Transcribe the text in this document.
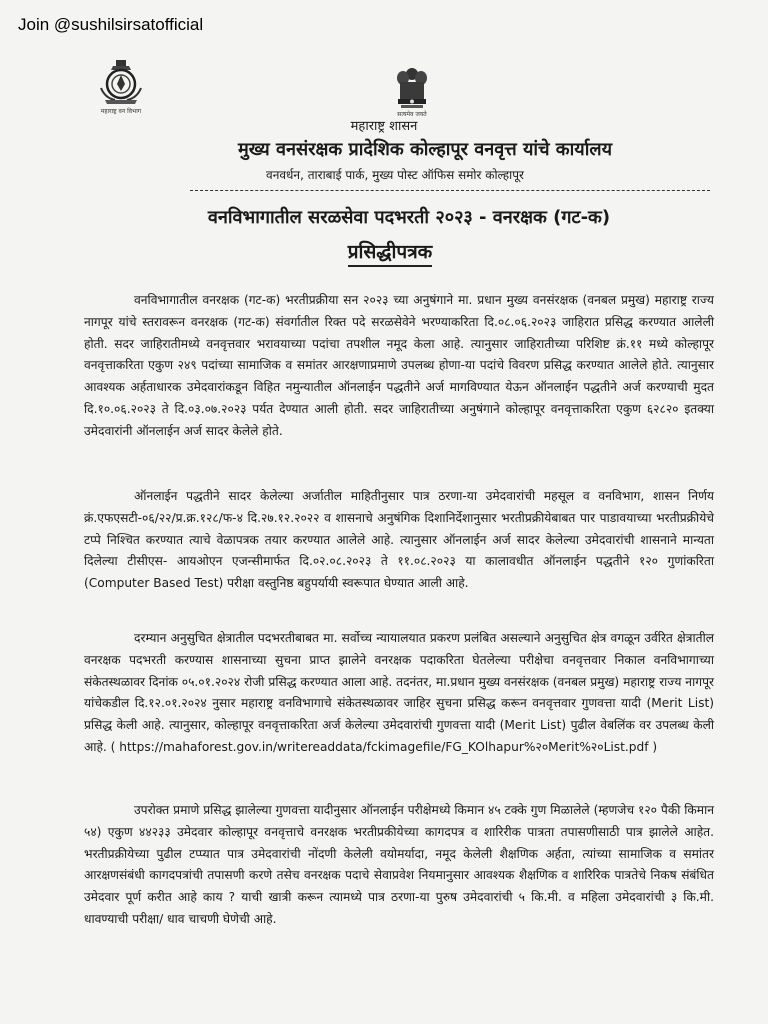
Join @sushilsirsatofficial
महाराष्ट्र वन विभाग	सत्यमेव जयते
महाराष्ट्र शासन
मुख्य वनसंरक्षक प्रादेशिक कोल्हापूर वनवृत्त यांचे कार्यालय
वनवर्धन, ताराबाई पार्क, मुख्य पोस्ट ऑफिस समोर कोल्हापूर
वनविभागातील सरळसेवा पदभरती २०२३ - वनरक्षक (गट-क)
प्रसिद्धीपत्रक

वनविभागातील वनरक्षक (गट-क) भरतीप्रक्रीया सन २०२३ च्या अनुषंगाने मा. प्रधान मुख्य वनसंरक्षक (वनबल प्रमुख) महाराष्ट्र राज्य नागपूर यांचे स्तरावरून वनरक्षक (गट-क) संवर्गातील रिक्त पदे सरळसेवेने भरण्याकरिता दि.०८.०६.२०२३ जाहिरात प्रसिद्ध करण्यात आलेली होती. सदर जाहिरातीमध्ये वनवृत्तवार भरावयाच्या पदांचा तपशील नमूद केला आहे. त्यानुसार जाहिरातीच्या परिशिष्ट क्रं.११ मध्ये कोल्हापूर वनवृत्ताकरिता एकुण २४९ पदांच्या सामाजिक व समांतर आरक्षणाप्रमाणे उपलब्ध होणा-या पदांचे विवरण प्रसिद्ध करण्यात आलेले होते. त्यानुसार आवश्यक अर्हताधारक उमेदवारांकडून विहित नमुन्यातील ऑनलाईन पद्धतीने अर्ज मागविण्यात येऊन ऑनलाईन पद्धतीने अर्ज करण्याची मुदत दि.१०.०६.२०२३ ते दि.०३.०७.२०२३ पर्यत देण्यात आली होती. सदर जाहिरातीच्या अनुषंगाने कोल्हापूर वनवृत्ताकरिता एकुण ६२८२० इतक्या उमेदवारांनी ऑनलाईन अर्ज सादर केलेले होते.

ऑनलाईन पद्धतीने सादर केलेल्या अर्जातील माहितीनुसार पात्र ठरणा-या उमेदवारांची महसूल व वनविभाग, शासन निर्णय क्रं.एफएसटी-०६/२२/प्र.क्र.१२८/फ-४ दि.२७.१२.२०२२ व शासनाचे अनुषंगिक दिशानिर्देशानुसार भरतीप्रक्रीयेबाबत पार पाडावयाच्या भरतीप्रक्रीयेचे टप्पे निश्चित करण्यात त्याचे वेळापत्रक तयार करण्यात आलेले आहे. त्यानुसार ऑनलाईन अर्ज सादर केलेल्या उमेदवारांची शासनाने मान्यता दिलेल्या टीसीएस- आयओएन एजन्सीमार्फत दि.०२.०८.२०२३ ते ११.०८.२०२३ या कालावधीत ऑनलाईन पद्धतीने १२० गुणांकरिता (Computer Based Test) परीक्षा वस्तुनिष्ठ बहुपर्यायी स्वरूपात घेण्यात आली आहे.

दरम्यान अनुसुचित क्षेत्रातील पदभरतीबाबत मा. सर्वोच्च न्यायालयात प्रकरण प्रलंबित असल्याने अनुसुचित क्षेत्र वगळून उर्वरित क्षेत्रातील वनरक्षक पदभरती करण्यास शासनाच्या सुचना प्राप्त झालेने वनरक्षक पदाकरिता घेतलेल्या परीक्षेचा वनवृत्तवार निकाल वनविभागाच्या संकेतस्थळावर दिनांक ०५.०१.२०२४ रोजी प्रसिद्ध करण्यात आला आहे. तदनंतर, मा.प्रधान मुख्य वनसंरक्षक (वनबल प्रमुख) महाराष्ट्र राज्य नागपूर यांचेकडील दि.१२.०१.२०२४ नुसार महाराष्ट्र वनविभागाचे संकेतस्थळावर जाहिर सुचना प्रसिद्ध करून वनवृत्तवार गुणवत्ता यादी (Merit List) प्रसिद्ध केली आहे. त्यानुसार, कोल्हापूर वनवृत्ताकरिता अर्ज केलेल्या उमेदवारांची गुणवत्ता यादी (Merit List) पुढील वेबलिंक वर उपलब्ध केली आहे. ( https://mahaforest.gov.in/writereaddata/fckimagefile/FG_KOlhapur%२०Merit%२०List.pdf )

उपरोक्त प्रमाणे प्रसिद्ध झालेल्या गुणवत्ता यादीनुसार ऑनलाईन परीक्षेमध्ये किमान ४५ टक्के गुण मिळालेले (म्हणजेच १२० पैकी किमान ५४) एकुण ४४२३३ उमेदवार कोल्हापूर वनवृत्ताचे वनरक्षक भरतीप्रकीयेच्या कागदपत्र व शारिरीक पात्रता तपासणीसाठी पात्र झालेले आहेत. भरतीप्रक्रीयेच्या पुढील टप्प्यात पात्र उमेदवारांची नोंदणी केलेली वयोमर्यादा, नमूद केलेली शैक्षणिक अर्हता, त्यांच्या सामाजिक व समांतर आरक्षणसंबंधी कागदपत्रांची तपासणी करणे तसेच वनरक्षक पदाचे सेवाप्रवेश नियमानुसार आवश्यक शैक्षणिक व शारिरिक पात्रतेचे निकष संबंधित उमेदवार पूर्ण करीत आहे काय ? याची खात्री करून त्यामध्ये पात्र ठरणा-या पुरुष उमेदवारांची ५ कि.मी. व महिला उमेदवारांची ३ कि.मी. धावण्याची परीक्षा/ धाव चाचणी घेणेची आहे.
